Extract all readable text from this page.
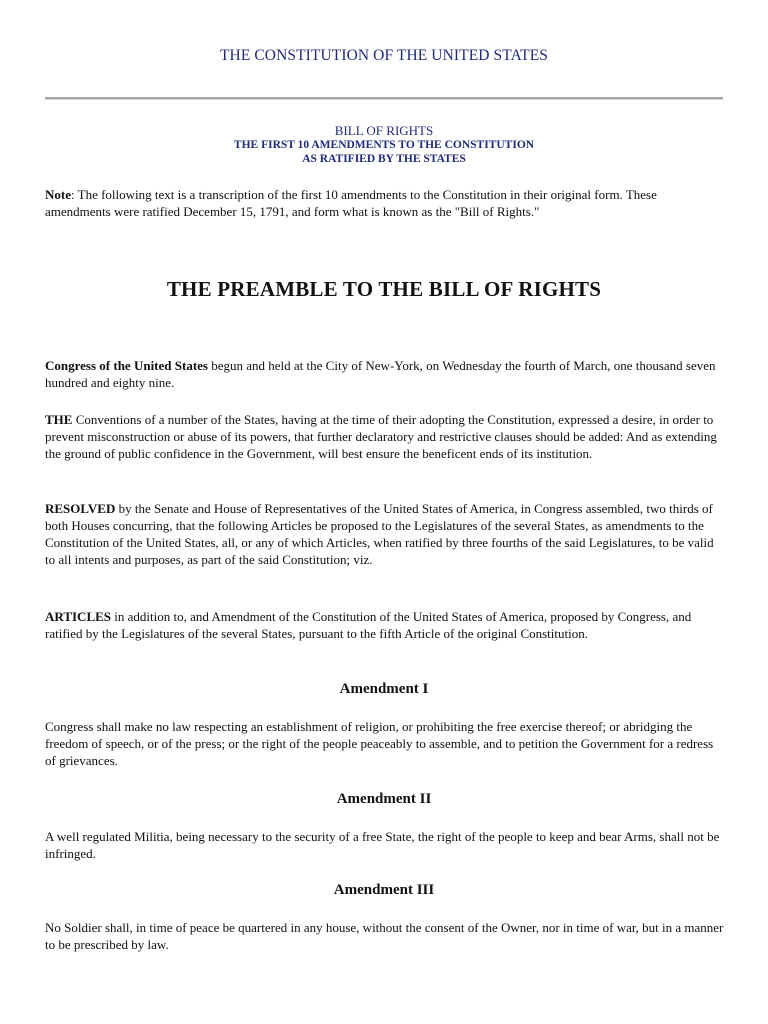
THE CONSTITUTION OF THE UNITED STATES
BILL OF RIGHTS
THE FIRST 10 AMENDMENTS TO THE CONSTITUTION
AS RATIFIED BY THE STATES

Note: The following text is a transcription of the first 10 amendments to the Constitution in their original form. These amendments were ratified December 15, 1791, and form what is known as the "Bill of Rights."

THE PREAMBLE TO THE BILL OF RIGHTS

Congress of the United States begun and held at the City of New-York, on Wednesday the fourth of March, one thousand seven hundred and eighty nine.

THE Conventions of a number of the States, having at the time of their adopting the Constitution, expressed a desire, in order to prevent misconstruction or abuse of its powers, that further declaratory and restrictive clauses should be added: And as extending the ground of public confidence in the Government, will best ensure the beneficent ends of its institution.

RESOLVED by the Senate and House of Representatives of the United States of America, in Congress assembled, two thirds of both Houses concurring, that the following Articles be proposed to the Legislatures of the several States, as amendments to the Constitution of the United States, all, or any of which Articles, when ratified by three fourths of the said Legislatures, to be valid to all intents and purposes, as part of the said Constitution; viz.

ARTICLES in addition to, and Amendment of the Constitution of the United States of America, proposed by Congress, and ratified by the Legislatures of the several States, pursuant to the fifth Article of the original Constitution.

Amendment I

Congress shall make no law respecting an establishment of religion, or prohibiting the free exercise thereof; or abridging the freedom of speech, or of the press; or the right of the people peaceably to assemble, and to petition the Government for a redress of grievances.

Amendment II

A well regulated Militia, being necessary to the security of a free State, the right of the people to keep and bear Arms, shall not be infringed.

Amendment III

No Soldier shall, in time of peace be quartered in any house, without the consent of the Owner, nor in time of war, but in a manner to be prescribed by law.
